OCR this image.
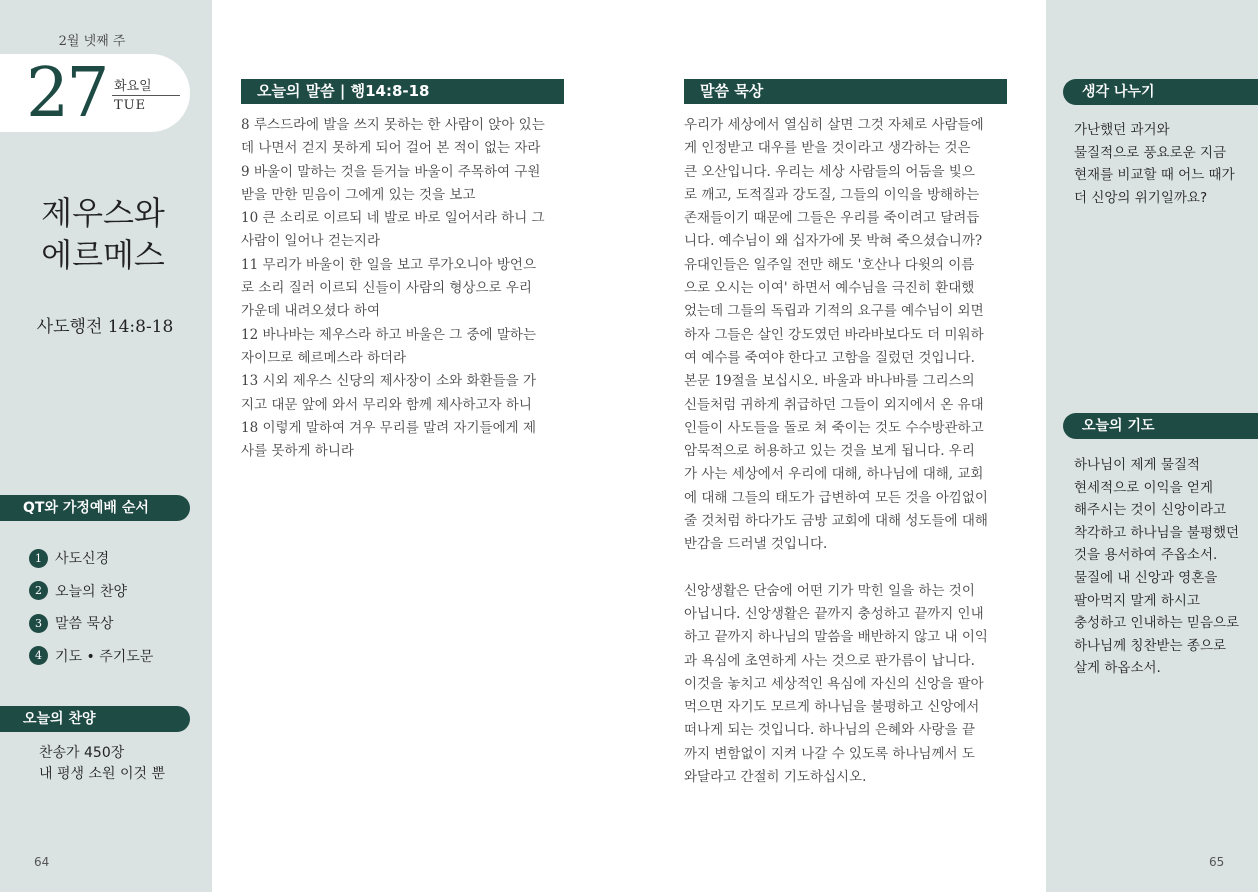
2월 넷째 주
27 화요일
TUE
제우스와
에르메스
사도행전 14:8-18
QT와 가정예배 순서
1 사도신경
2 오늘의 찬양
3 말씀 묵상
4 기도 • 주기도문
오늘의 찬양
찬송가 450장
내 평생 소원 이것 뿐
64
오늘의 말씀 | 행14:8-18

8 루스드라에 발을 쓰지 못하는 한 사람이 앉아 있는

데 나면서 걷지 못하게 되어 걸어 본 적이 없는 자라

9 바울이 말하는 것을 듣거늘 바울이 주목하여 구원

받을 만한 믿음이 그에게 있는 것을 보고

10 큰 소리로 이르되 네 발로 바로 일어서라 하니 그

사람이 일어나 걷는지라

11 무리가 바울이 한 일을 보고 루가오니아 방언으

로 소리 질러 이르되 신들이 사람의 형상으로 우리

가운데 내려오셨다 하여

12 바나바는 제우스라 하고 바울은 그 중에 말하는

자이므로 헤르메스라 하더라

13 시외 제우스 신당의 제사장이 소와 화환들을 가

지고 대문 앞에 와서 무리와 함께 제사하고자 하니

18 이렇게 말하여 겨우 무리를 말려 자기들에게 제

사를 못하게 하니라

말씀 묵상

우리가 세상에서 열심히 살면 그것 자체로 사람들에

게 인정받고 대우를 받을 것이라고 생각하는 것은

큰 오산입니다. 우리는 세상 사람들의 어둠을 빛으

로 깨고, 도적질과 강도질, 그들의 이익을 방해하는

존재들이기 때문에 그들은 우리를 죽이려고 달려듭

니다. 예수님이 왜 십자가에 못 박혀 죽으셨습니까?

유대인들은 일주일 전만 해도 '호산나 다윗의 이름

으로 오시는 이여' 하면서 예수님을 극진히 환대했

었는데 그들의 독립과 기적의 요구를 예수님이 외면

하자 그들은 살인 강도였던 바라바보다도 더 미워하

여 예수를 죽여야 한다고 고함을 질렀던 것입니다.

본문 19절을 보십시오. 바울과 바나바를 그리스의

신들처럼 귀하게 취급하던 그들이 외지에서 온 유대

인들이 사도들을 돌로 쳐 죽이는 것도 수수방관하고

암묵적으로 허용하고 있는 것을 보게 됩니다. 우리

가 사는 세상에서 우리에 대해, 하나님에 대해, 교회

에 대해 그들의 태도가 급변하여 모든 것을 아낌없이

줄 것처럼 하다가도 금방 교회에 대해 성도들에 대해

반감을 드러낼 것입니다.

신앙생활은 단숨에 어떤 기가 막힌 일을 하는 것이

아닙니다. 신앙생활은 끝까지 충성하고 끝까지 인내

하고 끝까지 하나님의 말씀을 배반하지 않고 내 이익

과 욕심에 초연하게 사는 것으로 판가름이 납니다.

이것을 놓치고 세상적인 욕심에 자신의 신앙을 팔아

먹으면 자기도 모르게 하나님을 불평하고 신앙에서

떠나게 되는 것입니다. 하나님의 은혜와 사랑을 끝

까지 변함없이 지켜 나갈 수 있도록 하나님께서 도

와달라고 간절히 기도하십시오.

생각 나누기
가난했던 과거와
물질적으로 풍요로운 지금
현재를 비교할 때 어느 때가
더 신앙의 위기일까요?
오늘의 기도
하나님이 제게 물질적
현세적으로 이익을 얻게
해주시는 것이 신앙이라고
착각하고 하나님을 불평했던
것을 용서하여 주옵소서.
물질에 내 신앙과 영혼을
팔아먹지 말게 하시고
충성하고 인내하는 믿음으로
하나님께 칭찬받는 종으로
살게 하옵소서.
65
